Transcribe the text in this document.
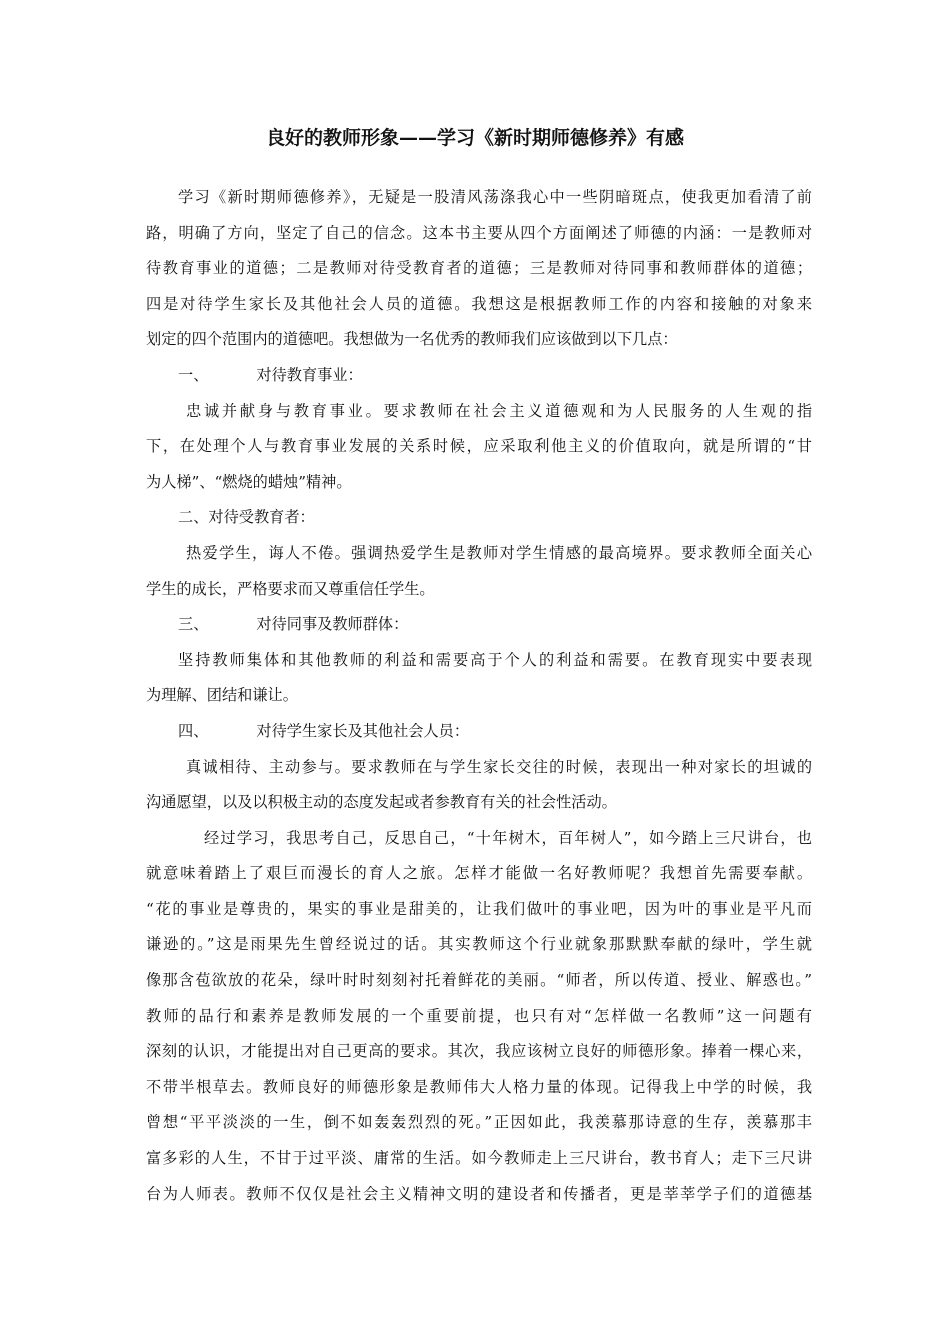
良好的教师形象——学习《新时期师德修养》有感
学习《新时期师德修养》，无疑是一股清风荡涤我心中一些阴暗斑点，使我更加看清了前
路，明确了方向，坚定了自己的信念。这本书主要从四个方面阐述了师德的内涵：一是教师对
待教育事业的道德；二是教师对待受教育者的道德；三是教师对待同事和教师群体的道德；
四是对待学生家长及其他社会人员的道德。我想这是根据教师工作的内容和接触的对象来
划定的四个范围内的道德吧。我想做为一名优秀的教师我们应该做到以下几点：
一、	对待教育事业：
忠诚并献身与教育事业。要求教师在社会主义道德观和为人民服务的人生观的指
下，在处理个人与教育事业发展的关系时候，应采取利他主义的价值取向，就是所谓的“甘
为人梯”、“燃烧的蜡烛”精神。
二、对待受教育者：
热爱学生，诲人不倦。强调热爱学生是教师对学生情感的最高境界。要求教师全面关心
学生的成长，严格要求而又尊重信任学生。
三、	对待同事及教师群体：
坚持教师集体和其他教师的利益和需要高于个人的利益和需要。在教育现实中要表现
为理解、团结和谦让。
四、	对待学生家长及其他社会人员：
真诚相待、主动参与。要求教师在与学生家长交往的时候，表现出一种对家长的坦诚的
沟通愿望，以及以积极主动的态度发起或者参教育有关的社会性活动。
经过学习，我思考自己，反思自己，“十年树木，百年树人”，如今踏上三尺讲台，也
就意味着踏上了艰巨而漫长的育人之旅。怎样才能做一名好教师呢？我想首先需要奉献。
“花的事业是尊贵的，果实的事业是甜美的，让我们做叶的事业吧，因为叶的事业是平凡而
谦逊的。”这是雨果先生曾经说过的话。其实教师这个行业就象那默默奉献的绿叶，学生就
像那含苞欲放的花朵，绿叶时时刻刻衬托着鲜花的美丽。“师者，所以传道、授业、解惑也。”
教师的品行和素养是教师发展的一个重要前提，也只有对“怎样做一名教师”这一问题有
深刻的认识，才能提出对自己更高的要求。其次，我应该树立良好的师德形象。捧着一棵心来，
不带半根草去。教师良好的师德形象是教师伟大人格力量的体现。记得我上中学的时候，我
曾想“平平淡淡的一生，倒不如轰轰烈烈的死。”正因如此，我羡慕那诗意的生存，羡慕那丰
富多彩的人生，不甘于过平淡、庸常的生活。如今教师走上三尺讲台，教书育人；走下三尺讲
台为人师表。教师不仅仅是社会主义精神文明的建设者和传播者，更是莘莘学子们的道德基
